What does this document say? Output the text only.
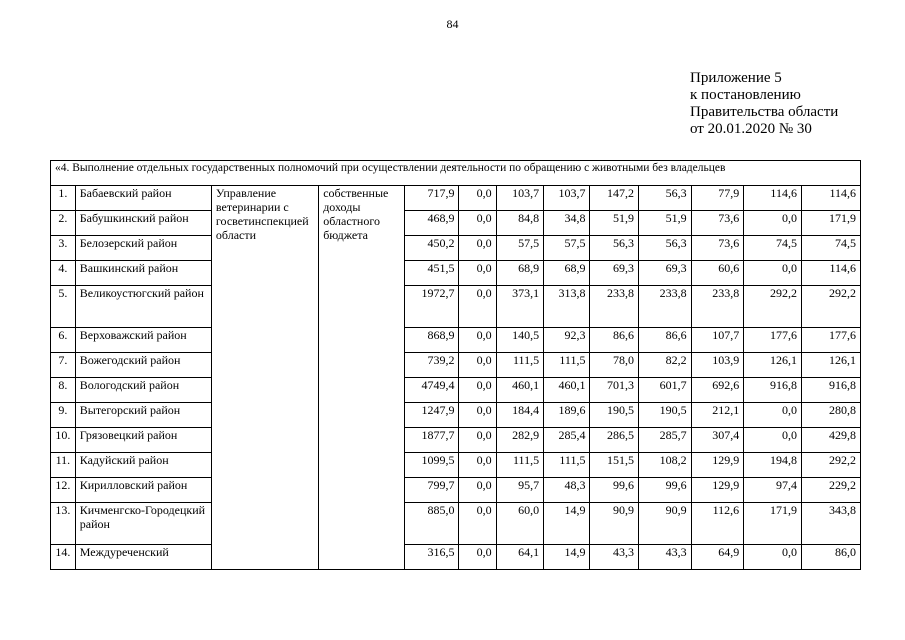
84
Приложение 5
к постановлению
Правительства области
от 20.01.2020 № 30
«4. Выполнение отдельных государственных полномочий при осуществлении деятельности по обращению с животными без владельцев												
1.	Бабаевский район	Управление ветеринарии с госветинспекцией области	собственные доходы областного бюджета	717,9	0,0	103,7	103,7	147,2	56,3	77,9	114,6	114,6
2.	Бабушкинский район			468,9	0,0	84,8	34,8	51,9	51,9	73,6	0,0	171,9
3.	Белозерский район			450,2	0,0	57,5	57,5	56,3	56,3	73,6	74,5	74,5
4.	Вашкинский район			451,5	0,0	68,9	68,9	69,3	69,3	60,6	0,0	114,6
5.	Великоустюгский район			1972,7	0,0	373,1	313,8	233,8	233,8	233,8	292,2	292,2
6.	Верховажский район			868,9	0,0	140,5	92,3	86,6	86,6	107,7	177,6	177,6
7.	Вожегодский район			739,2	0,0	111,5	111,5	78,0	82,2	103,9	126,1	126,1
8.	Вологодский район			4749,4	0,0	460,1	460,1	701,3	601,7	692,6	916,8	916,8
9.	Вытегорский район			1247,9	0,0	184,4	189,6	190,5	190,5	212,1	0,0	280,8
10.	Грязовецкий район			1877,7	0,0	282,9	285,4	286,5	285,7	307,4	0,0	429,8
11.	Кадуйский район			1099,5	0,0	111,5	111,5	151,5	108,2	129,9	194,8	292,2
12.	Кирилловский район			799,7	0,0	95,7	48,3	99,6	99,6	129,9	97,4	229,2
13.	Кичменгско-Городецкий район			885,0	0,0	60,0	14,9	90,9	90,9	112,6	171,9	343,8
14.	Междуреченский			316,5	0,0	64,1	14,9	43,3	43,3	64,9	0,0	86,0
